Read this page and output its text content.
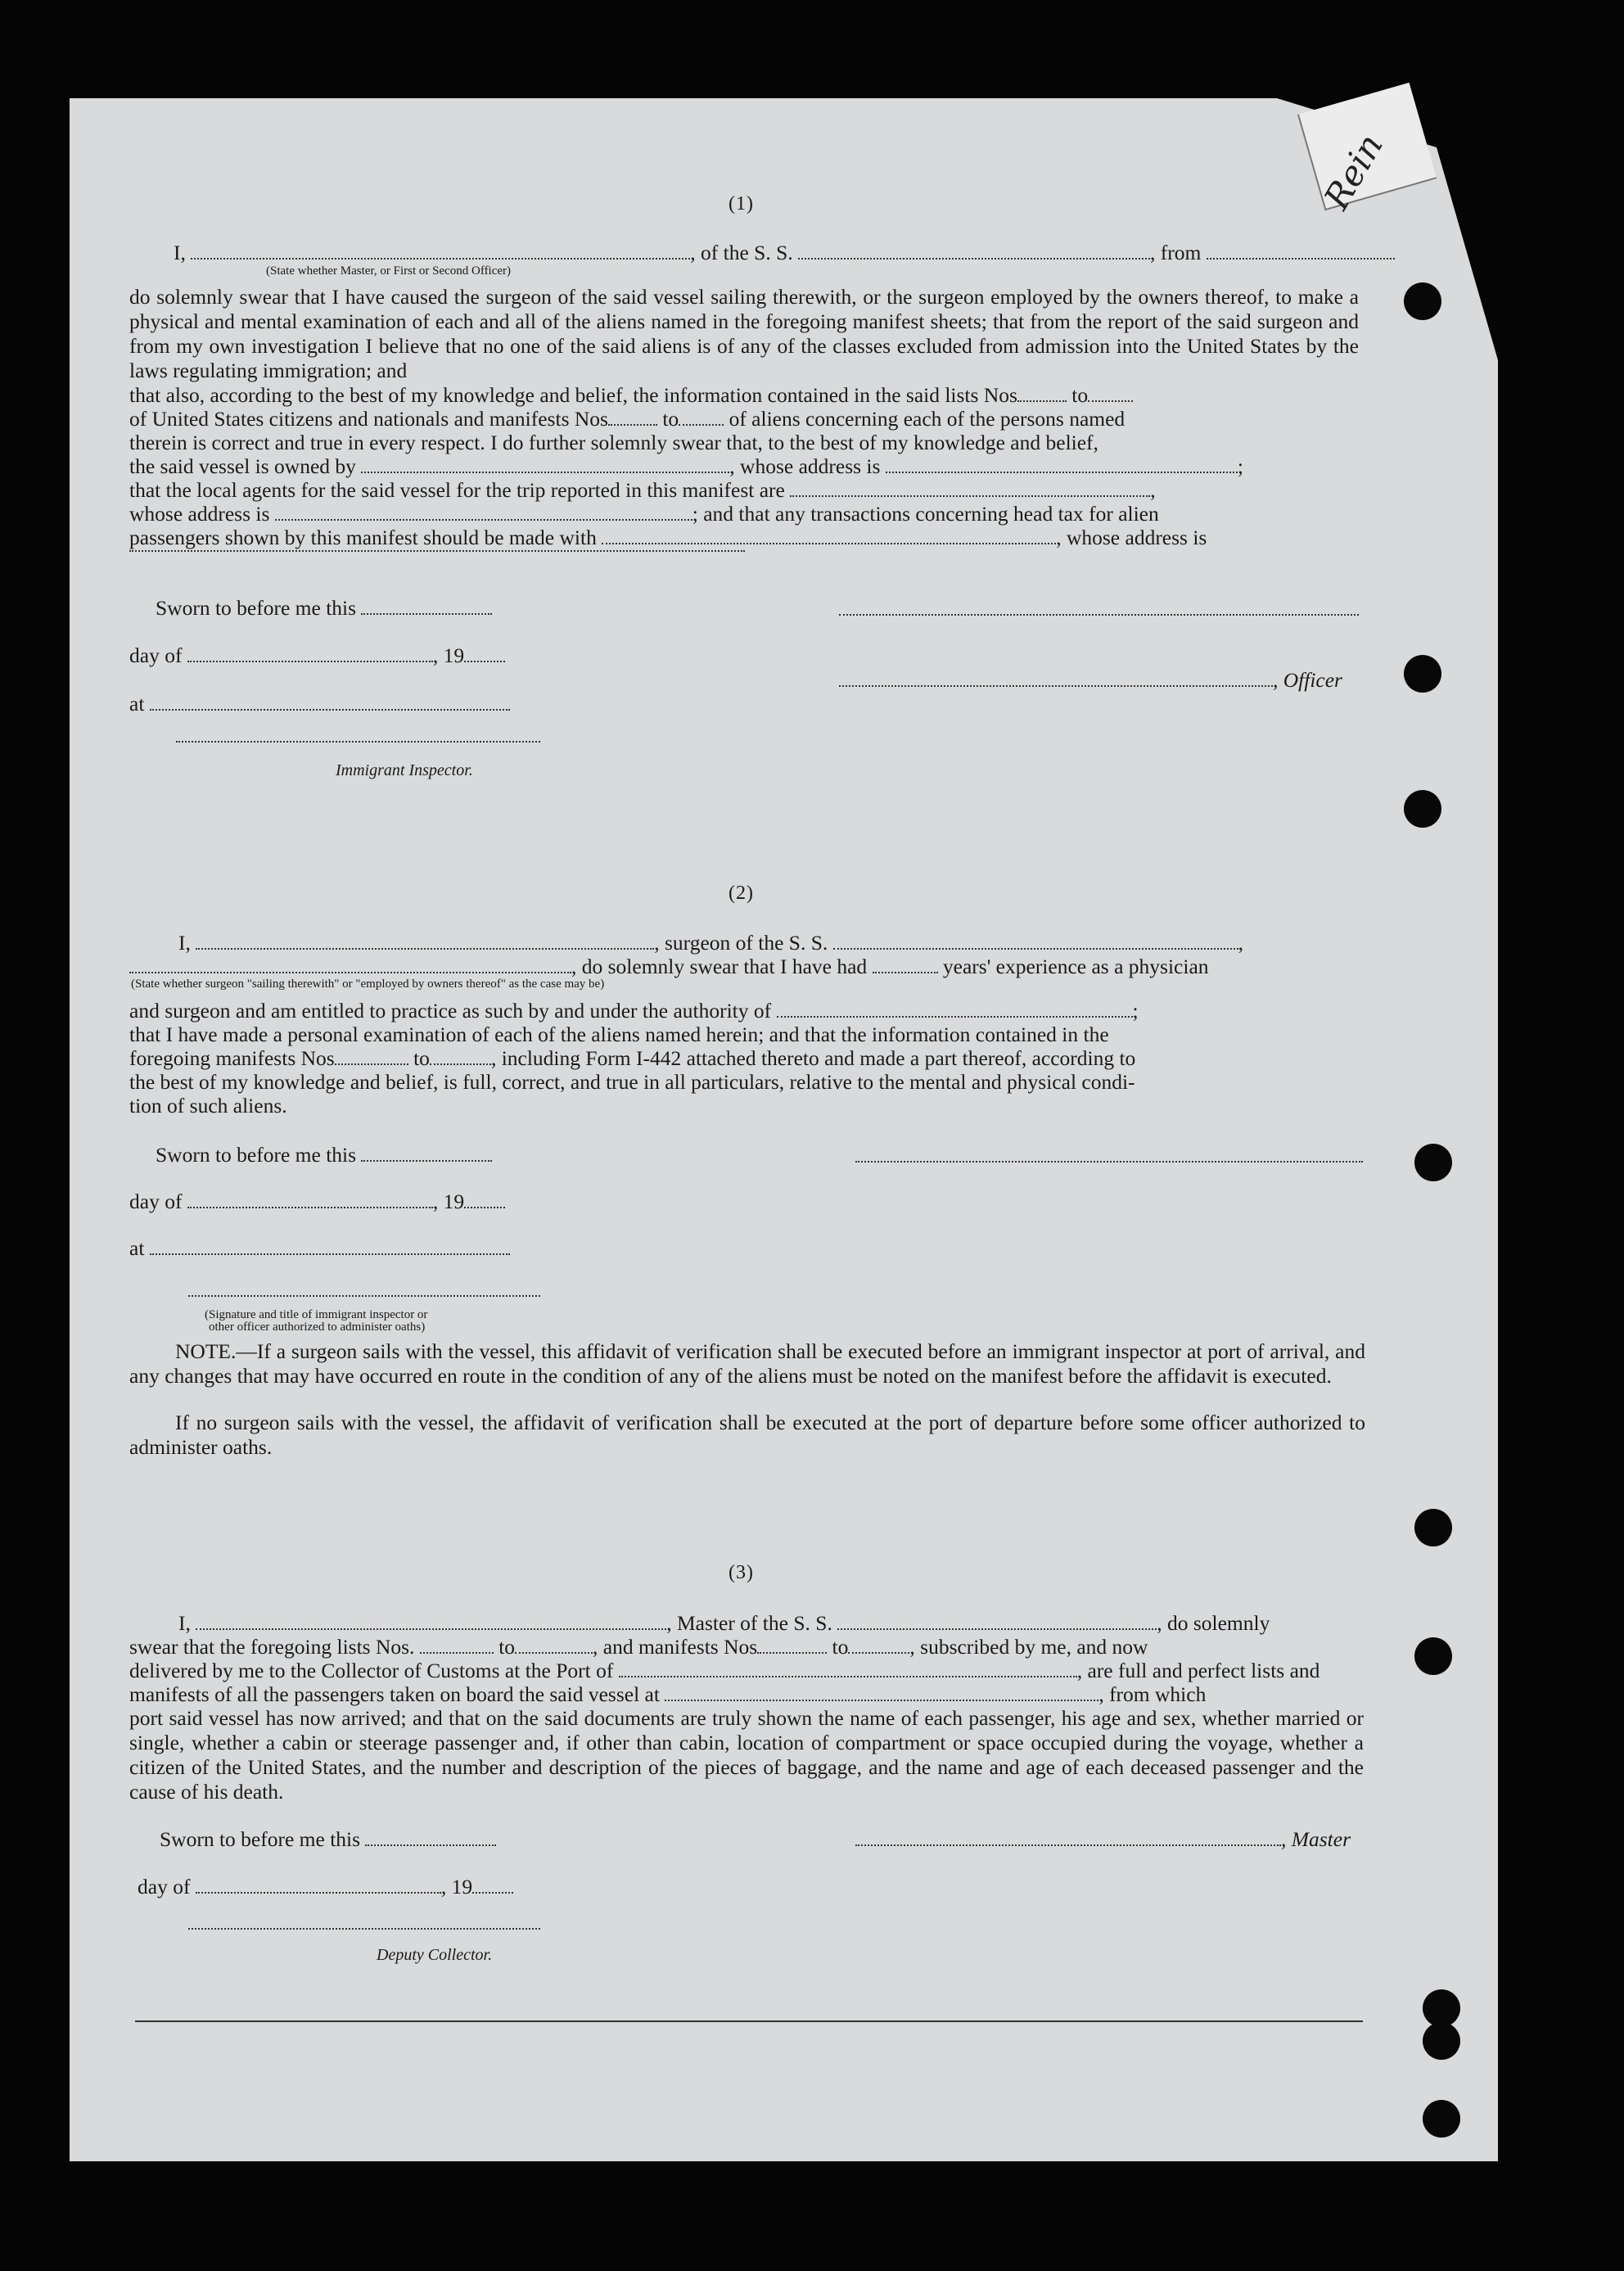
Rein

(1)
I,	, of the S. S.	, from
(State whether Master, or First or Second Officer)
do solemnly swear that I have caused the surgeon of the said vessel sailing therewith, or the surgeon employed by the owners thereof, to make a physical and mental examination of each and all of the aliens named in the foregoing manifest sheets; that from the report of the said surgeon and from my own investigation I believe that no one of the said aliens is of any of the classes excluded from admission into the United States by the laws regulating immigration; and
that also, according to the best of my knowledge and belief, the information contained in the said lists Nos	to
of United States citizens and nationals and manifests Nos	to of aliens concerning each of the persons named
therein is correct and true in every respect. I do further solemnly swear that, to the best of my knowledge and belief,
the said vessel is owned by	, whose address is	;
that the local agents for the said vessel for the trip reported in this manifest are	,
whose address is	; and that any transactions concerning head tax for alien
passengers shown by this manifest should be made with	, whose address is
Sworn to before me this
day of	, 19
, Officer
at
Immigrant Inspector.
(2)
I,	, surgeon of the S. S.	,
, do solemnly swear that I have had	years' experience as a physician
(State whether surgeon "sailing therewith" or "employed by owners thereof" as the case may be)
and surgeon and am entitled to practice as such by and under the authority of	;
that I have made a personal examination of each of the aliens named herein; and that the information contained in the
foregoing manifests Nos	to	, including Form I-442 attached thereto and made a part thereof, according to
the best of my knowledge and belief, is full, correct, and true in all particulars, relative to the mental and physical condi-
tion of such aliens.
Sworn to before me this
day of	, 19
at
(Signature and title of immigrant inspector or
other officer authorized to administer oaths)
NOTE.—If a surgeon sails with the vessel, this affidavit of verification shall be executed before an immigrant inspector at port of arrival, and any changes that may have occurred en route in the condition of any of the aliens must be noted on the manifest before the affidavit is executed.
If no surgeon sails with the vessel, the affidavit of verification shall be executed at the port of departure before some officer authorized to administer oaths.
(3)
I,	, Master of the S. S.	, do solemnly
swear that the foregoing lists Nos.	to	, and manifests Nos	to	, subscribed by me, and now
delivered by me to the Collector of Customs at the Port of	, are full and perfect lists and
manifests of all the passengers taken on board the said vessel at	, from which
port said vessel has now arrived; and that on the said documents are truly shown the name of each passenger, his age and sex, whether married or single, whether a cabin or steerage passenger and, if other than cabin, location of compartment or space occupied during the voyage, whether a citizen of the United States, and the number and description of the pieces of baggage, and the name and age of each deceased passenger and the cause of his death.
Sworn to before me this	, Master
day of	, 19
Deputy Collector.
